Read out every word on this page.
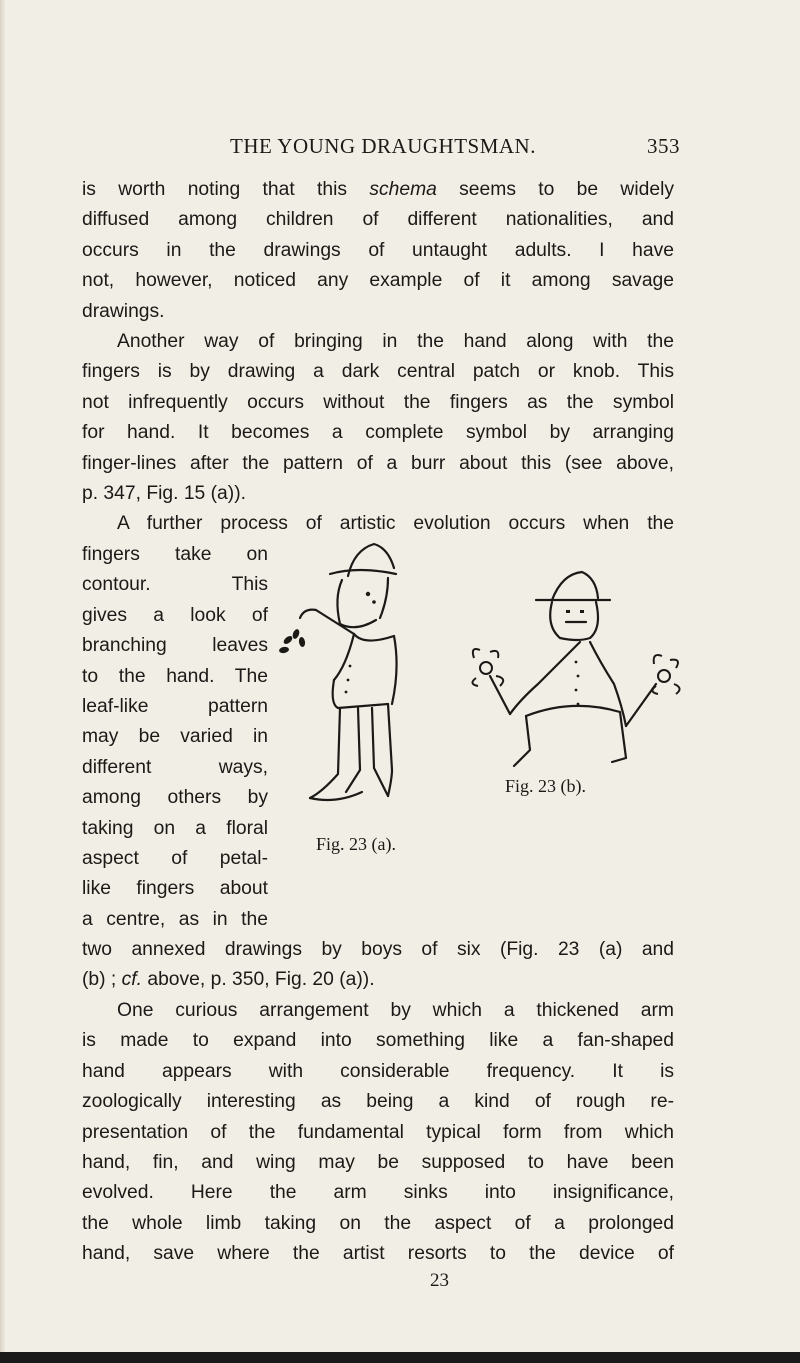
THE YOUNG DRAUGHTSMAN.	353
is worth noting that this schema seems to be widely
diffused among children of different nationalities, and
occurs in the drawings of untaught adults. I have
not, however, noticed any example of it among savage
drawings.
Another way of bringing in the hand along with the
fingers is by drawing a dark central patch or knob. This
not infrequently occurs without the fingers as the symbol
for hand. It becomes a complete symbol by arranging
finger-lines after the pattern of a burr about this (see above,
p. 347, Fig. 15 (a)).
A further process of artistic evolution occurs when the
fingers take on
contour. This
gives a look of
branching leaves
to the hand. The
leaf-like pattern
may be varied in
different ways,
among others by
taking on a floral
aspect of petal-
like fingers about
a centre, as in the
Fig. 23 (a).
Fig. 23 (b).
two annexed drawings by boys of six (Fig. 23 (a) and
(b) ; cf. above, p. 350, Fig. 20 (a)).
One curious arrangement by which a thickened arm
is made to expand into something like a fan-shaped
hand appears with considerable frequency. It is
zoologically interesting as being a kind of rough re-
presentation of the fundamental typical form from which
hand, fin, and wing may be supposed to have been
evolved. Here the arm sinks into insignificance,
the whole limb taking on the aspect of a prolonged
hand, save where the artist resorts to the device of
23
